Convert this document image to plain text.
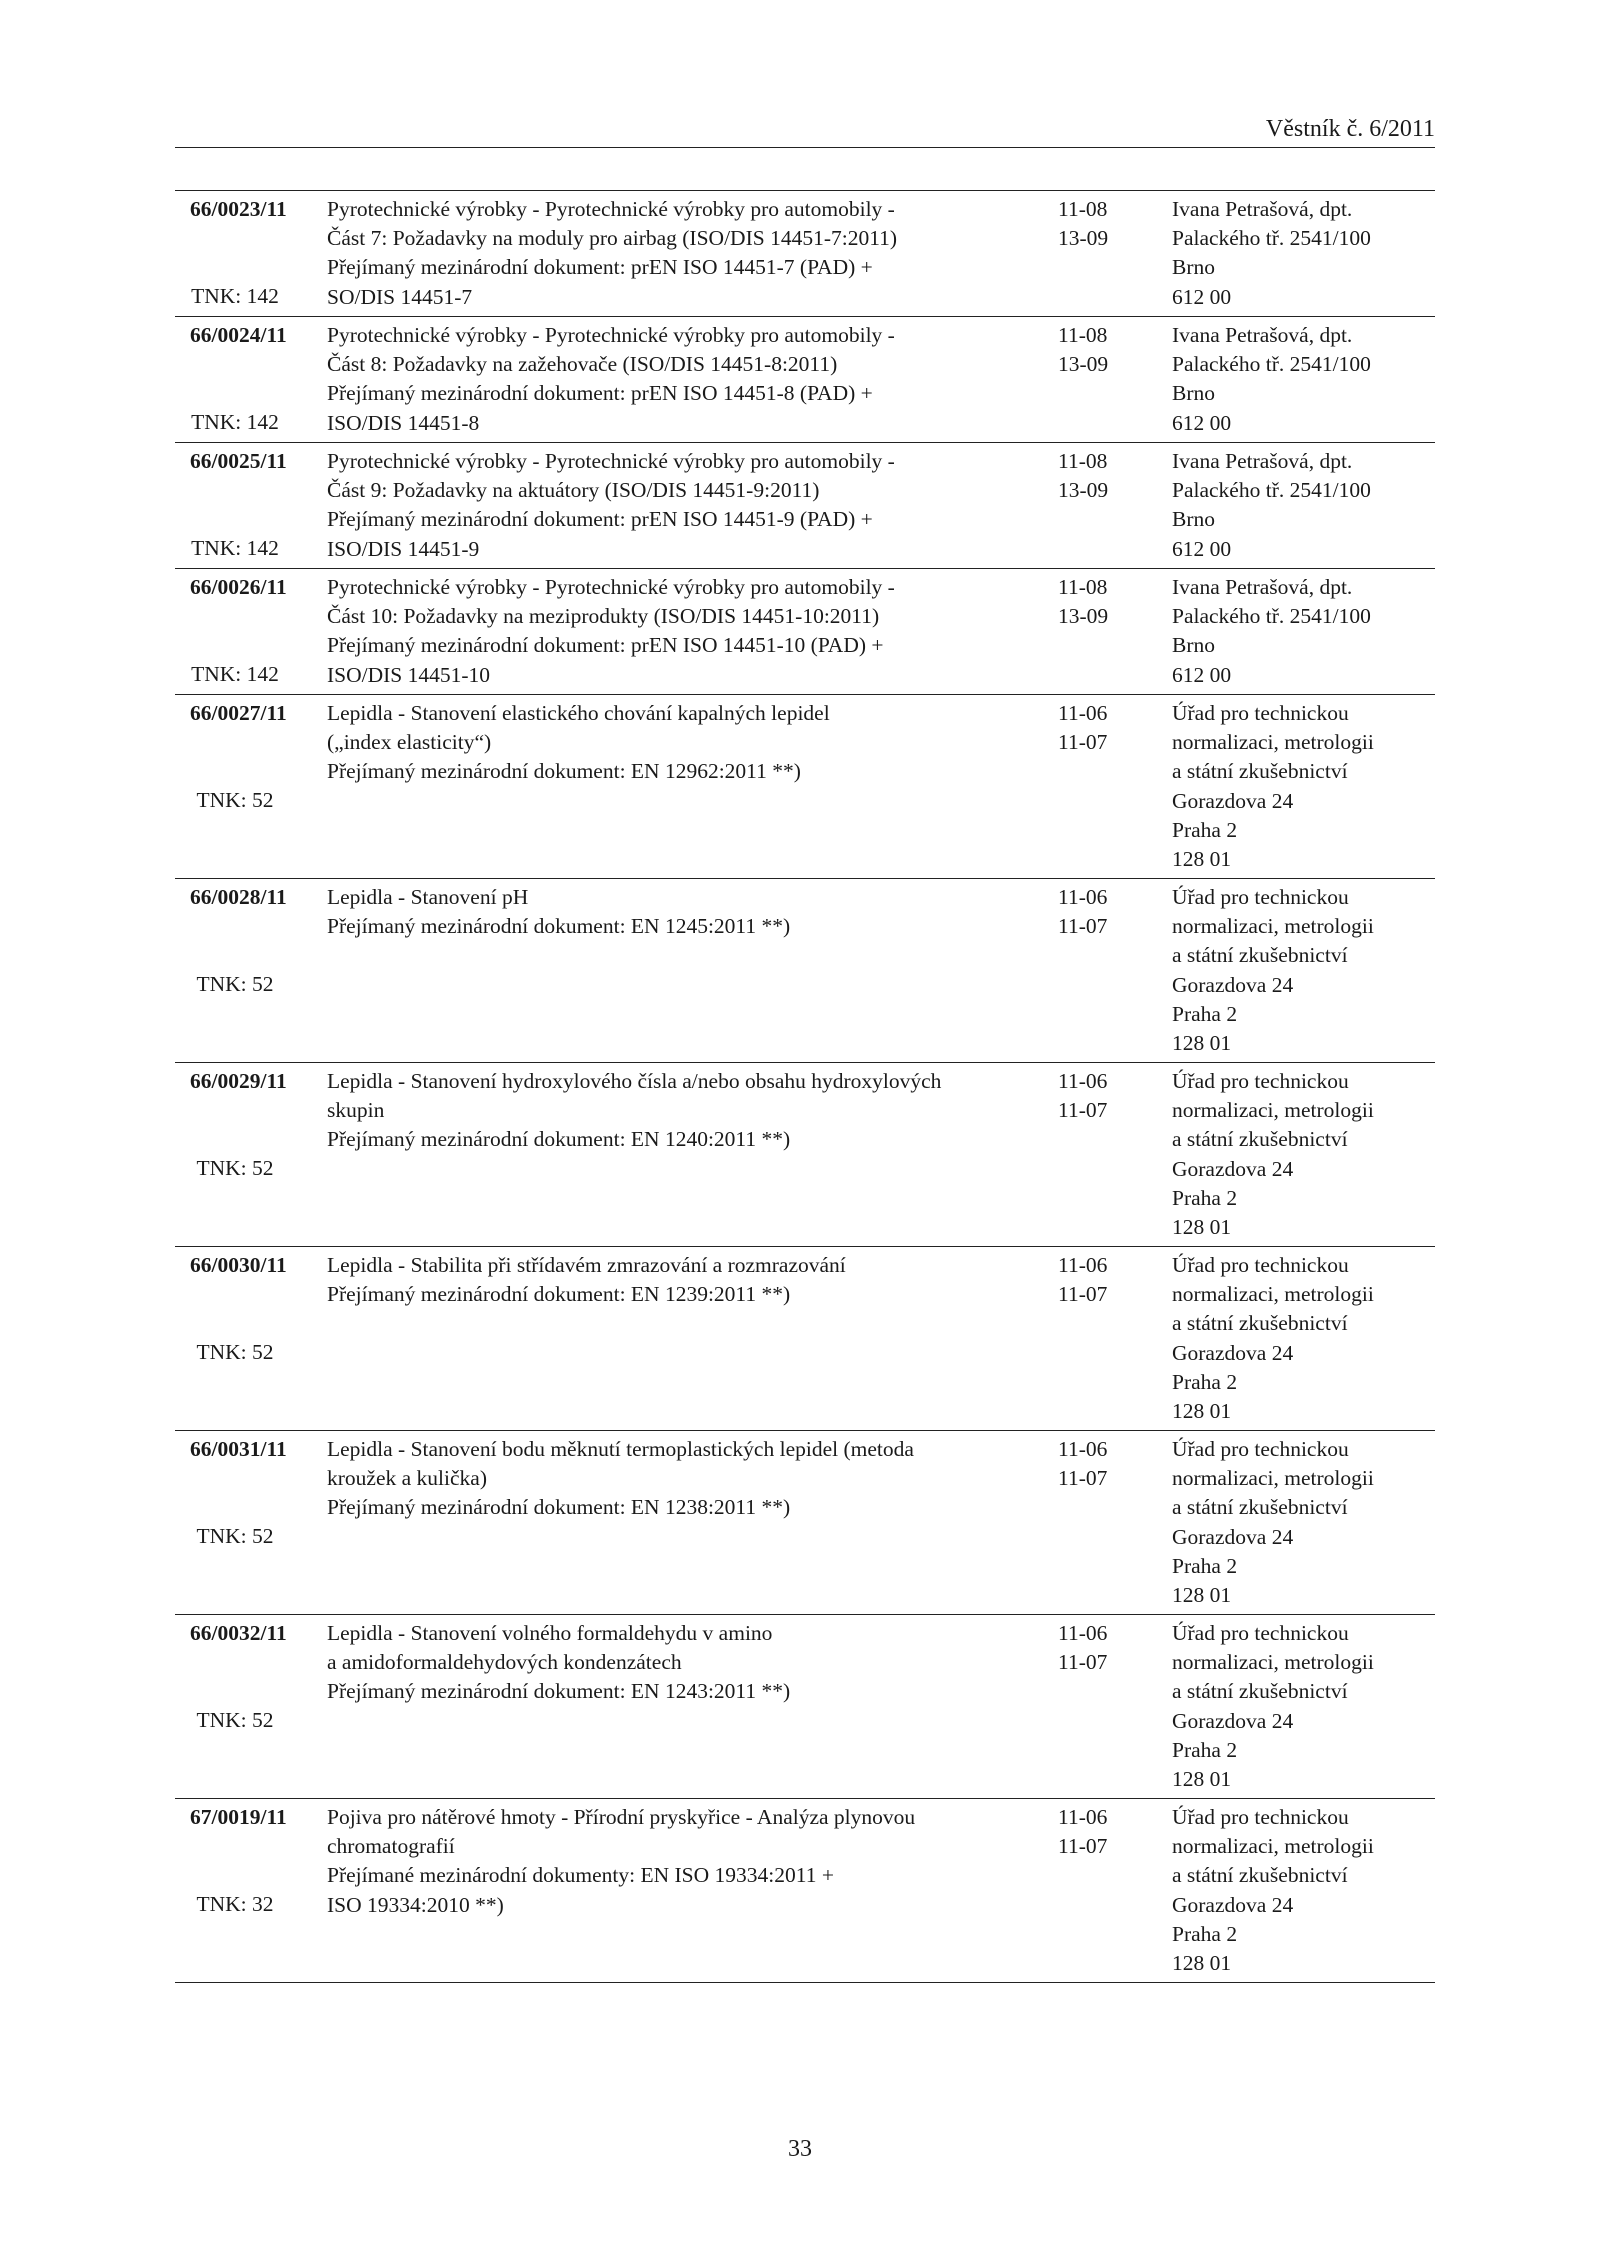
Věstník č. 6/2011
66/0023/11
TNK: 142
Pyrotechnické výrobky - Pyrotechnické výrobky pro automobily -
Část 7: Požadavky na moduly pro airbag (ISO/DIS 14451-7:2011)
Přejímaný mezinárodní dokument: prEN ISO 14451-7 (PAD) +
SO/DIS 14451-7
11-08
13-09
Ivana Petrašová, dpt.
Palackého tř. 2541/100
Brno
612 00
66/0024/11
TNK: 142
Pyrotechnické výrobky - Pyrotechnické výrobky pro automobily -
Část 8: Požadavky na zažehovače (ISO/DIS 14451-8:2011)
Přejímaný mezinárodní dokument: prEN ISO 14451-8 (PAD) +
ISO/DIS 14451-8
11-08
13-09
Ivana Petrašová, dpt.
Palackého tř. 2541/100
Brno
612 00
66/0025/11
TNK: 142
Pyrotechnické výrobky - Pyrotechnické výrobky pro automobily -
Část 9: Požadavky na aktuátory (ISO/DIS 14451-9:2011)
Přejímaný mezinárodní dokument: prEN ISO 14451-9 (PAD) +
ISO/DIS 14451-9
11-08
13-09
Ivana Petrašová, dpt.
Palackého tř. 2541/100
Brno
612 00
66/0026/11
TNK: 142
Pyrotechnické výrobky - Pyrotechnické výrobky pro automobily -
Část 10: Požadavky na meziprodukty (ISO/DIS 14451-10:2011)
Přejímaný mezinárodní dokument: prEN ISO 14451-10 (PAD) +
ISO/DIS 14451-10
11-08
13-09
Ivana Petrašová, dpt.
Palackého tř. 2541/100
Brno
612 00
66/0027/11
TNK: 52
Lepidla - Stanovení elastického chování kapalných lepidel
(„index elasticity“)
Přejímaný mezinárodní dokument: EN 12962:2011 **)
11-06
11-07
Úřad pro technickou
normalizaci, metrologii
a státní zkušebnictví
Gorazdova 24
Praha 2
128 01
66/0028/11
TNK: 52
Lepidla - Stanovení pH
Přejímaný mezinárodní dokument: EN 1245:2011 **)
11-06
11-07
Úřad pro technickou
normalizaci, metrologii
a státní zkušebnictví
Gorazdova 24
Praha 2
128 01
66/0029/11
TNK: 52
Lepidla - Stanovení hydroxylového čísla a/nebo obsahu hydroxylových
skupin
Přejímaný mezinárodní dokument: EN 1240:2011 **)
11-06
11-07
Úřad pro technickou
normalizaci, metrologii
a státní zkušebnictví
Gorazdova 24
Praha 2
128 01
66/0030/11
TNK: 52
Lepidla - Stabilita při střídavém zmrazování a rozmrazování
Přejímaný mezinárodní dokument: EN 1239:2011 **)
11-06
11-07
Úřad pro technickou
normalizaci, metrologii
a státní zkušebnictví
Gorazdova 24
Praha 2
128 01
66/0031/11
TNK: 52
Lepidla - Stanovení bodu měknutí termoplastických lepidel (metoda
kroužek a kulička)
Přejímaný mezinárodní dokument: EN 1238:2011 **)
11-06
11-07
Úřad pro technickou
normalizaci, metrologii
a státní zkušebnictví
Gorazdova 24
Praha 2
128 01
66/0032/11
TNK: 52
Lepidla - Stanovení volného formaldehydu v amino
a amidoformaldehydových kondenzátech
Přejímaný mezinárodní dokument: EN 1243:2011 **)
11-06
11-07
Úřad pro technickou
normalizaci, metrologii
a státní zkušebnictví
Gorazdova 24
Praha 2
128 01
67/0019/11
TNK: 32
Pojiva pro nátěrové hmoty - Přírodní pryskyřice - Analýza plynovou
chromatografií
Přejímané mezinárodní dokumenty: EN ISO 19334:2011 +
ISO 19334:2010 **)
11-06
11-07
Úřad pro technickou
normalizaci, metrologii
a státní zkušebnictví
Gorazdova 24
Praha 2
128 01
33
